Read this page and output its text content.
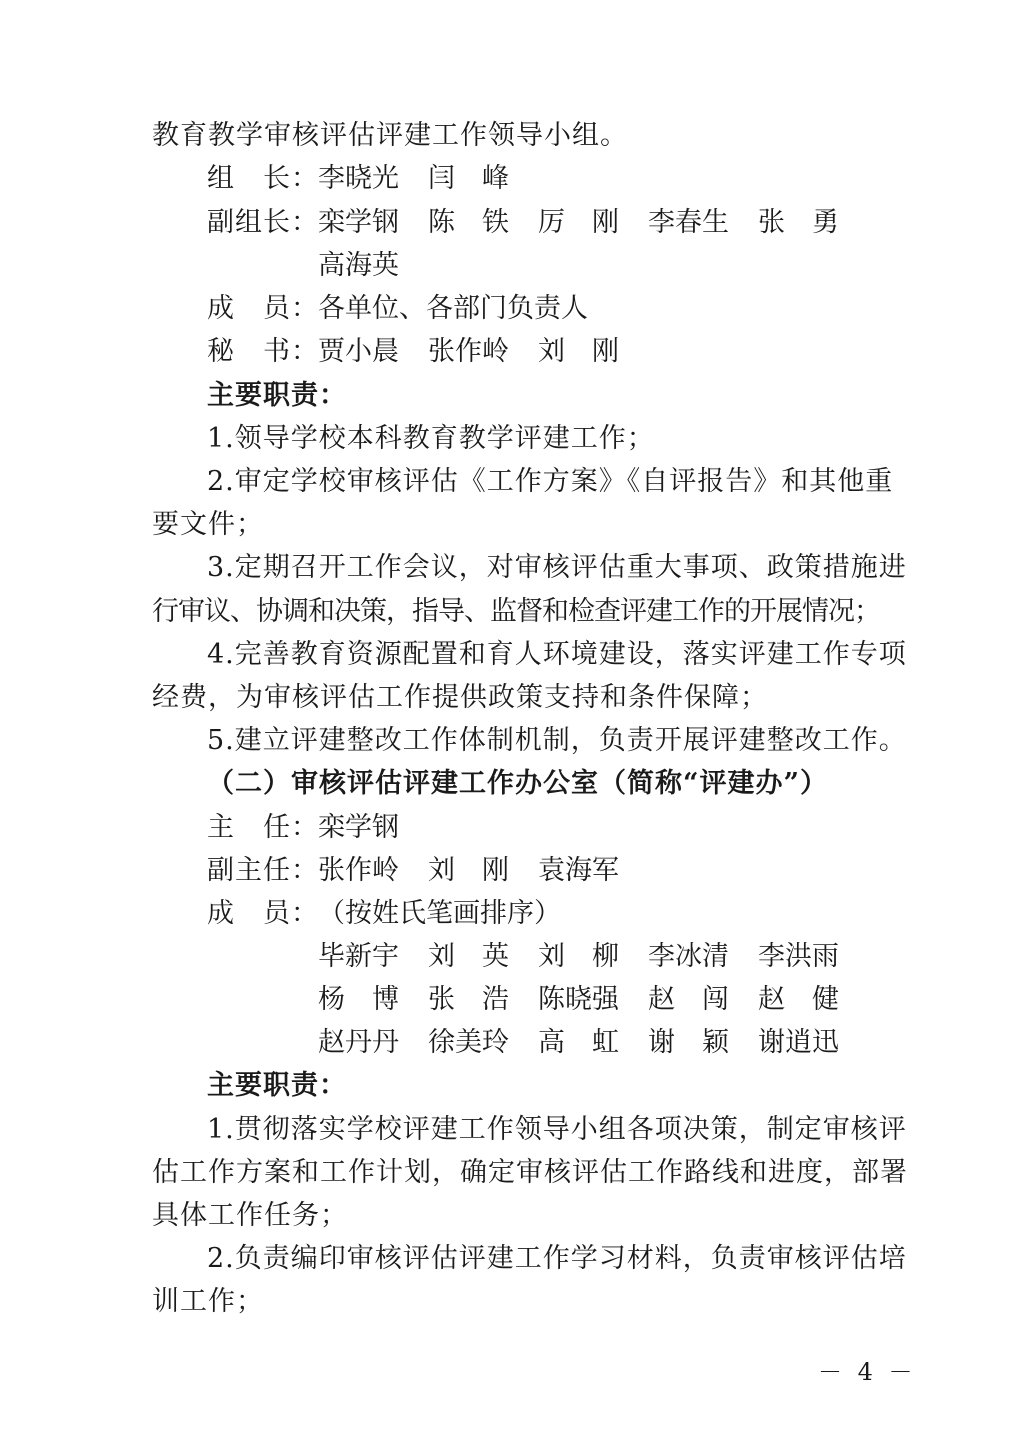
教育教学审核评估评建工作领导小组。
组　长： 李晓光 闫　峰
副组长： 栾学钢 陈　铁 厉　刚 李春生 张　勇
高海英
成　员： 各单位、各部门负责人
秘　书： 贾小晨 张作岭 刘　刚
主要职责：
1.领导学校本科教育教学评建工作；
2.审定学校审核评估《工作方案》《自评报告》和其他重
要文件；
3.定期召开工作会议，对审核评估重大事项、政策措施进
行审议、协调和决策，指导、监督和检查评建工作的开展情况；
4.完善教育资源配置和育人环境建设，落实评建工作专项
经费，为审核评估工作提供政策支持和条件保障；
5.建立评建整改工作体制机制，负责开展评建整改工作。
（二）审核评估评建工作办公室（简称“评建办”）
主　任： 栾学钢
副主任： 张作岭 刘　刚 袁海军
成　员： （按姓氏笔画排序）
毕新宇 刘　英 刘　柳 李冰清 李洪雨
杨　博 张　浩 陈晓强 赵　闯 赵　健
赵丹丹 徐美玲 高　虹 谢　颖 谢逍迅
主要职责：
1.贯彻落实学校评建工作领导小组各项决策，制定审核评
估工作方案和工作计划，确定审核评估工作路线和进度，部署
具体工作任务；
2.负责编印审核评估评建工作学习材料，负责审核评估培
训工作；
－ 4 －
